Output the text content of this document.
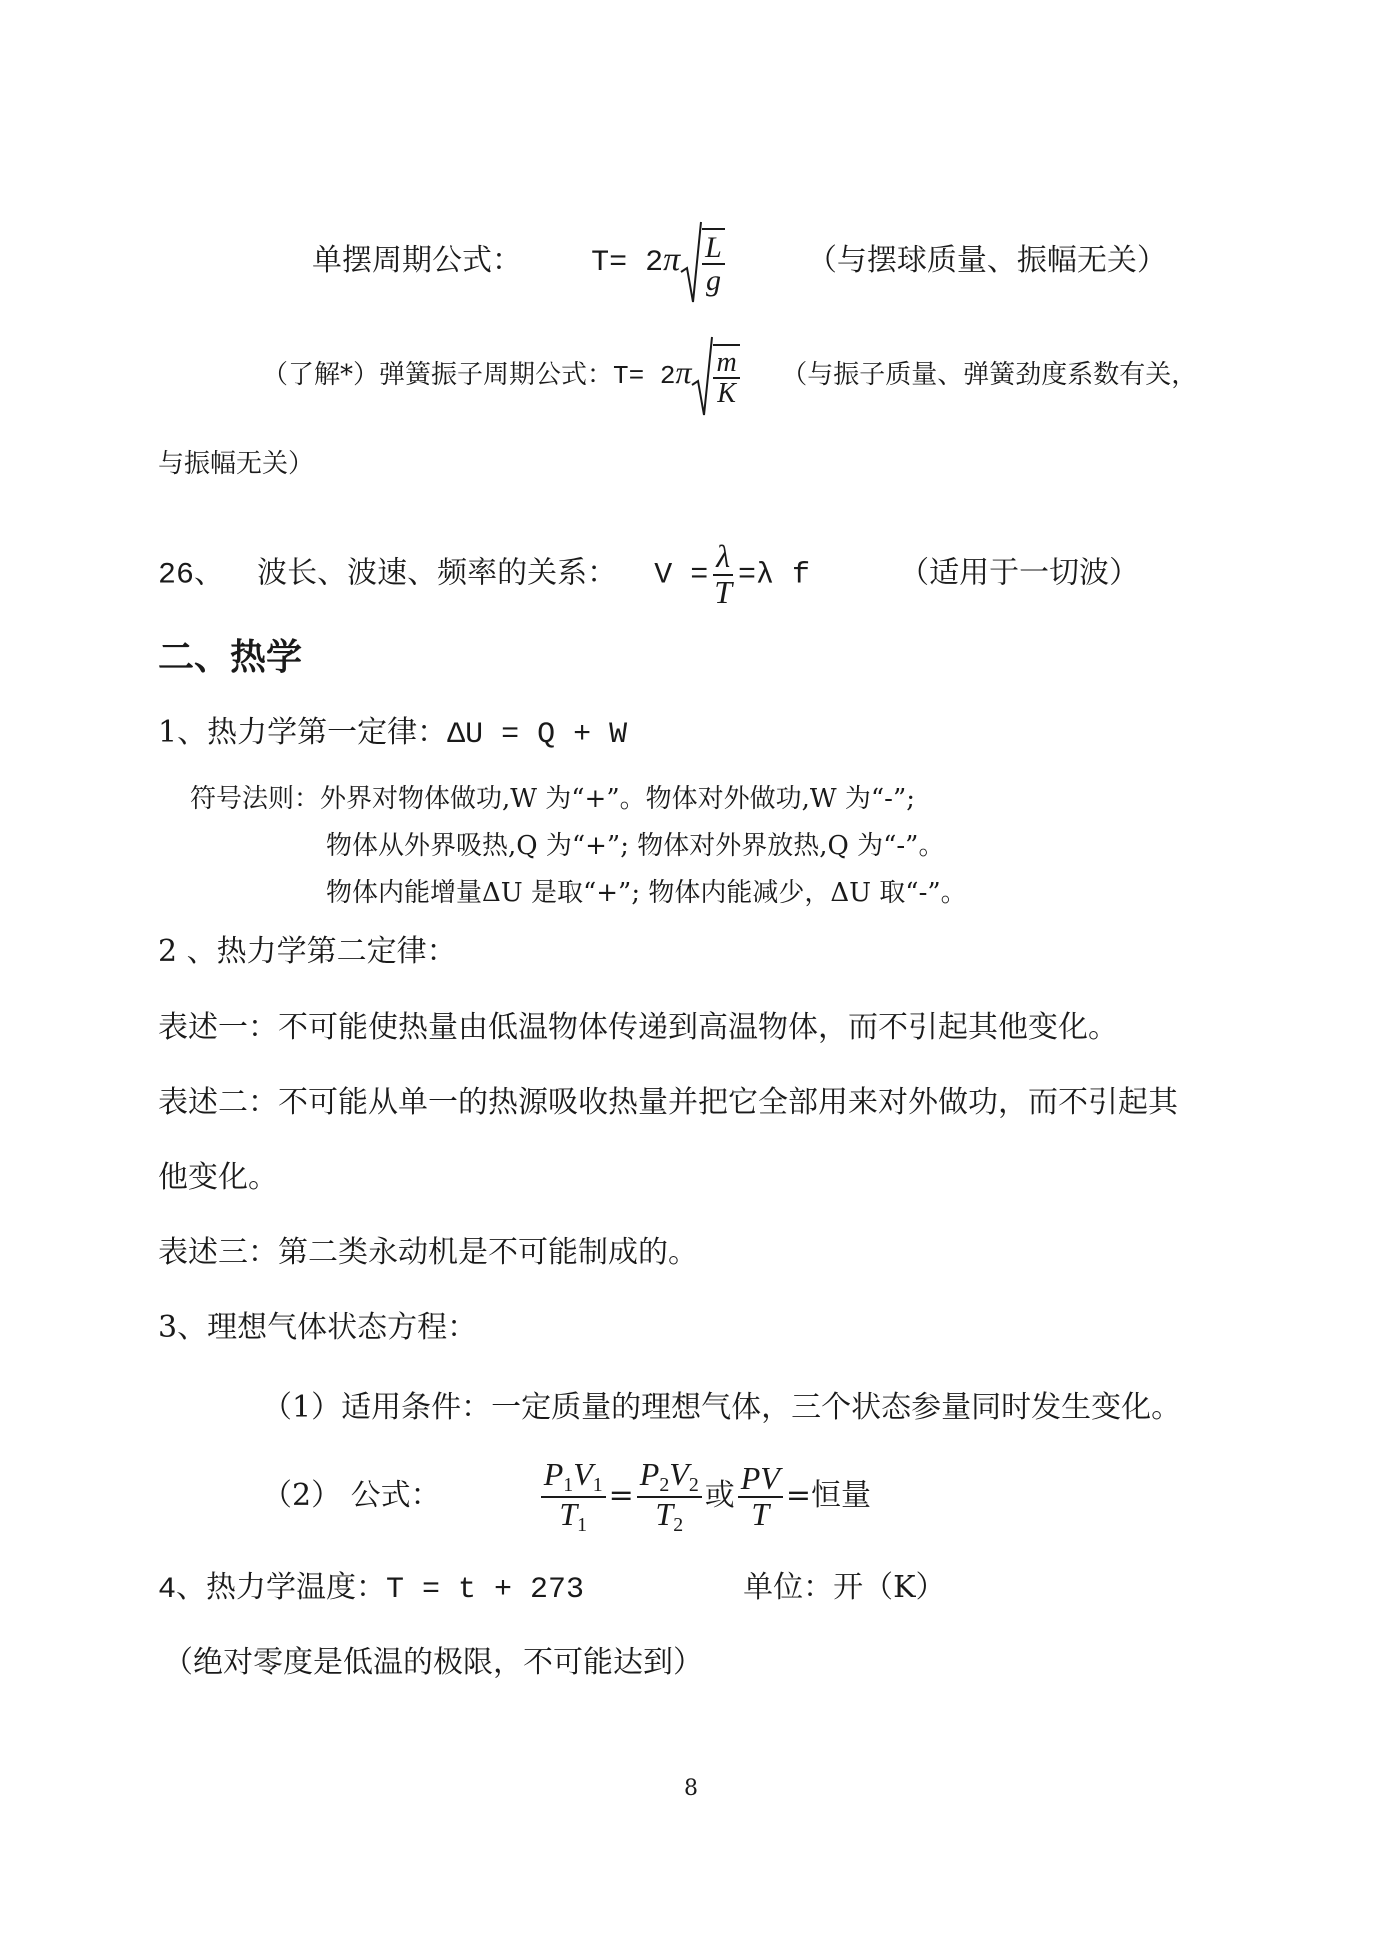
单摆周期公式： $T= 2\pi \frac{L}{g}$	（与摆球质量、振幅无关）
（了解*）弹簧振子周期公式：$T= 2\pi \frac{m}{K}$ （与振子质量、弹簧劲度系数有关，
与振幅无关）
26、 波长、波速、频率的关系： $V = \frac{\lambda}{T} =\lambda$ f	（适用于一切波）
二、热学
1、热力学第一定律：ΔU = Q + W
符号法则：外界对物体做功,W 为“+”。物体对外做功,W 为“-”;
物体从外界吸热,Q 为“+”; 物体对外界放热,Q 为“-”。
物体内能增量ΔU 是取“+”; 物体内能减少，ΔU 取“-”。
2 、热力学第二定律：
表述一：不可能使热量由低温物体传递到高温物体，而不引起其他变化。
表述二：不可能从单一的热源吸收热量并把它全部用来对外做功，而不引起其
他变化。
表述三：第二类永动机是不可能制成的。
3、理想气体状态方程：
（1）适用条件：一定质量的理想气体，三个状态参量同时发生变化。
（2） 公式：	$\frac{P_1V_1}{T_1} = \frac{P_2V_2}{T_2}$ 或 $\frac{PV}{T}$ =恒量
4、热力学温度：T = t + 273	单位：开（K）
（绝对零度是低温的极限，不可能达到）
8
